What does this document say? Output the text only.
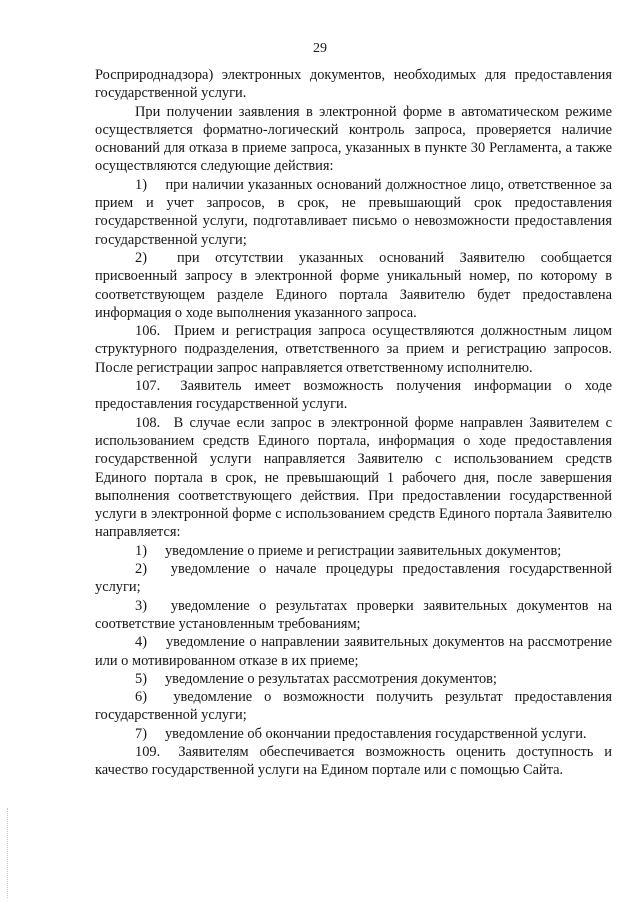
29

Росприроднадзора) электронных документов, необходимых для предоставления государственной услуги.

При получении заявления в электронной форме в автоматическом режиме осуществляется форматно-логический контроль запроса, проверяется наличие оснований для отказа в приеме запроса, указанных в пункте 30 Регламента, а также осуществляются следующие действия:

1)  при наличии указанных оснований должностное лицо, ответственное за прием и учет запросов, в срок, не превышающий срок предоставления государственной услуги, подготавливает письмо о невозможности предоставления государственной услуги;

2)  при отсутствии указанных оснований Заявителю сообщается присвоенный запросу в электронной форме уникальный номер, по которому в соответствующем разделе Единого портала Заявителю будет предоставлена информация о ходе выполнения указанного запроса.

106.  Прием и регистрация запроса осуществляются должностным лицом структурного подразделения, ответственного за прием и регистрацию запросов. После регистрации запрос направляется ответственному исполнителю.

107.  Заявитель имеет возможность получения информации о ходе предоставления государственной услуги.

108.  В случае если запрос в электронной форме направлен Заявителем с использованием средств Единого портала, информация о ходе предоставления государственной услуги направляется Заявителю с использованием средств Единого портала в срок, не превышающий 1 рабочего дня, после завершения выполнения соответствующего действия. При предоставлении государственной услуги в электронной форме с использованием средств Единого портала Заявителю направляется:

1)  уведомление о приеме и регистрации заявительных документов;

2)  уведомление о начале процедуры предоставления государственной услуги;

3)  уведомление о результатах проверки заявительных документов на соответствие установленным требованиям;

4)  уведомление о направлении заявительных документов на рассмотрение или о мотивированном отказе в их приеме;

5)  уведомление о результатах рассмотрения документов;

6)  уведомление о возможности получить результат предоставления государственной услуги;

7)  уведомление об окончании предоставления государственной услуги.

109.  Заявителям обеспечивается возможность оценить доступность и качество государственной услуги на Едином портале или с помощью Сайта.
